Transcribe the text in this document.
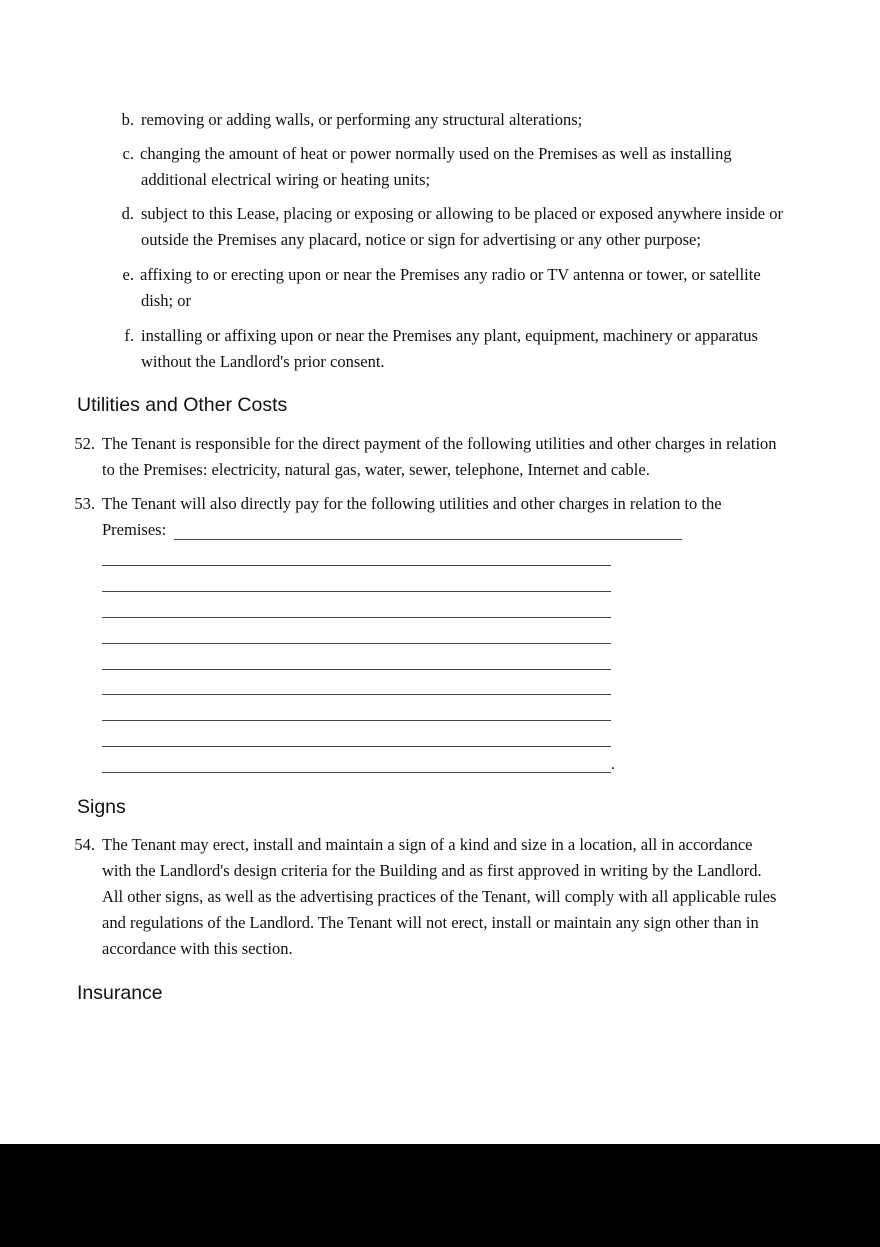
b. removing or adding walls, or performing any structural alterations;
c. changing the amount of heat or power normally used on the Premises as well as installing
additional electrical wiring or heating units;
d. subject to this Lease, placing or exposing or allowing to be placed or exposed anywhere inside or
outside the Premises any placard, notice or sign for advertising or any other purpose;
e. affixing to or erecting upon or near the Premises any radio or TV antenna or tower, or satellite
dish; or
f. installing or affixing upon or near the Premises any plant, equipment, machinery or apparatus
without the Landlord's prior consent.
Utilities and Other Costs
52. The Tenant is responsible for the direct payment of the following utilities and other charges in relation
to the Premises: electricity, natural gas, water, sewer, telephone, Internet and cable.
53. The Tenant will also directly pay for the following utilities and other charges in relation to the
Premises:
.
Signs
54. The Tenant may erect, install and maintain a sign of a kind and size in a location, all in accordance
with the Landlord's design criteria for the Building and as first approved in writing by the Landlord.
All other signs, as well as the advertising practices of the Tenant, will comply with all applicable rules
and regulations of the Landlord. The Tenant will not erect, install or maintain any sign other than in
accordance with this section.
Insurance
